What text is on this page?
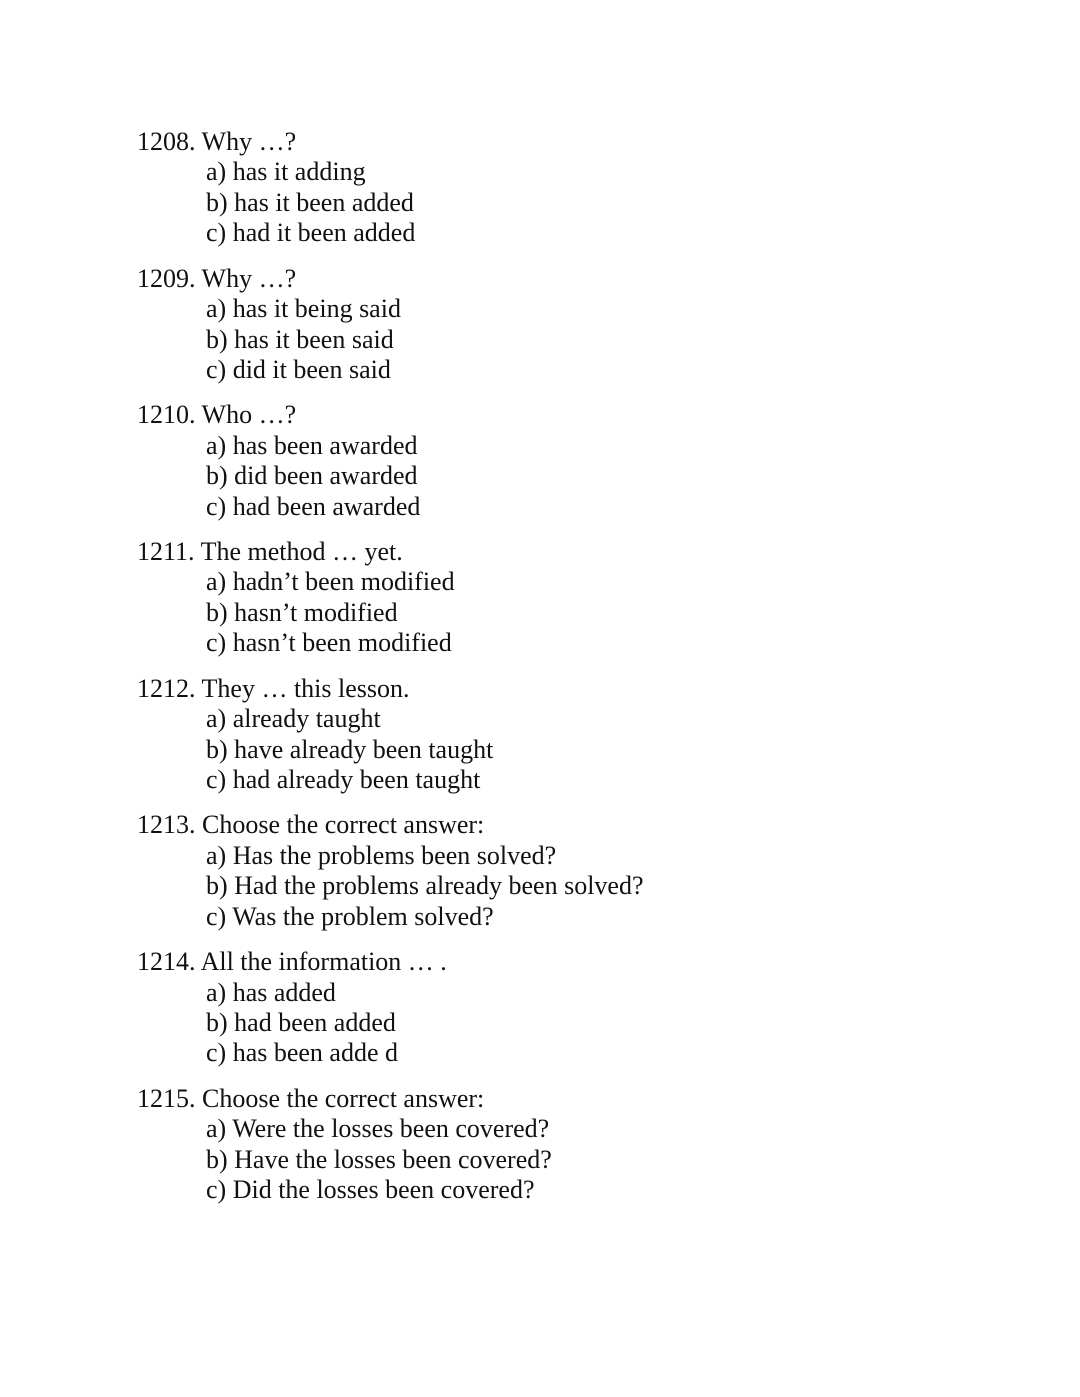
1208. Why …?
a) has it adding
b) has it been added
c) had it been added
1209. Why …?
a) has it being said
b) has it been said
c) did it been said
1210. Who …?
a) has been awarded
b) did been awarded
c) had been awarded
1211. The method … yet.
a) hadn’t been modified
b) hasn’t modified
c) hasn’t been modified
1212. They … this lesson.
a) already taught
b) have already been taught
c) had already been taught
1213. Choose the correct answer:
a) Has the problems been solved?
b) Had the problems already been solved?
c) Was the problem solved?
1214. All the information … .
a) has added
b) had been added
c) has been adde d
1215. Choose the correct answer:
a) Were the losses been covered?
b) Have the losses been covered?
c) Did the losses been covered?
